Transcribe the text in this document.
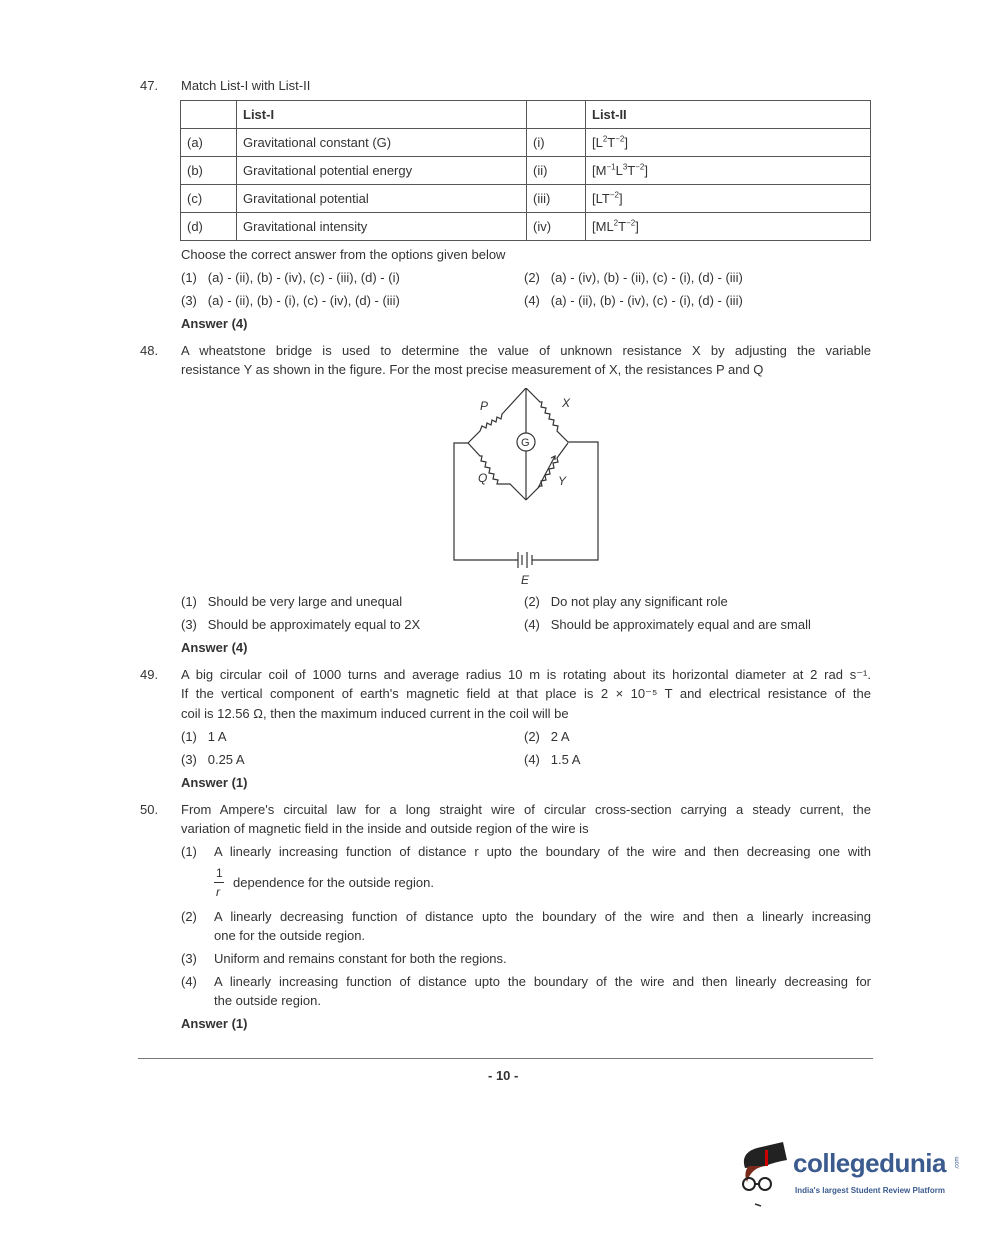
47. Match List-I with List-II
	List-I		List-II
(a)	Gravitational constant (G)	(i)	$[L^2T^{-2}]$
(b)	Gravitational potential energy	(ii)	$[M^{-1}L^3T^{-2}]$
(c)	Gravitational potential	(iii)	$[LT^{-2}]$
(d)	Gravitational intensity	(iv)	$[ML^2T^{-2}]$
Choose the correct answer from the options given below
(1) (a) - (ii), (b) - (iv), (c) - (iii), (d) - (i)	(2) (a) - (iv), (b) - (ii), (c) - (i), (d) - (iii)
(3) (a) - (ii), (b) - (i), (c) - (iv), (d) - (iii)	(4) (a) - (ii), (b) - (iv), (c) - (i), (d) - (iii)
Answer (4)
48. A wheatstone bridge is used to determine the value of unknown resistance X by adjusting the variable
resistance Y as shown in the figure. For the most precise measurement of X, the resistances P and Q
P	X
Q	Y
E
G
(1) Should be very large and unequal	(2) Do not play any significant role
(3) Should be approximately equal to 2X	(4) Should be approximately equal and are small
Answer (4)
49. A big circular coil of 1000 turns and average radius 10 m is rotating about its horizontal diameter at 2 rad s⁻¹.
If the vertical component of earth's magnetic field at that place is 2 × 10⁻⁵ T and electrical resistance of the
coil is 12.56 Ω, then the maximum induced current in the coil will be
(1) 1 A	(2) 2 A
(3) 0.25 A	(4) 1.5 A
Answer (1)
50. From Ampere's circuital law for a long straight wire of circular cross-section carrying a steady current, the
variation of magnetic field in the inside and outside region of the wire is
(1) A linearly increasing function of distance r upto the boundary of the wire and then decreasing one with
1
r
dependence for the outside region.
(2) A linearly decreasing function of distance upto the boundary of the wire and then a linearly increasing
one for the outside region.
(3) Uniform and remains constant for both the regions.
(4) A linearly increasing function of distance upto the boundary of the wire and then linearly decreasing for
the outside region.
Answer (1)
- 10 -
collegedunia .com
India's largest Student Review Platform
